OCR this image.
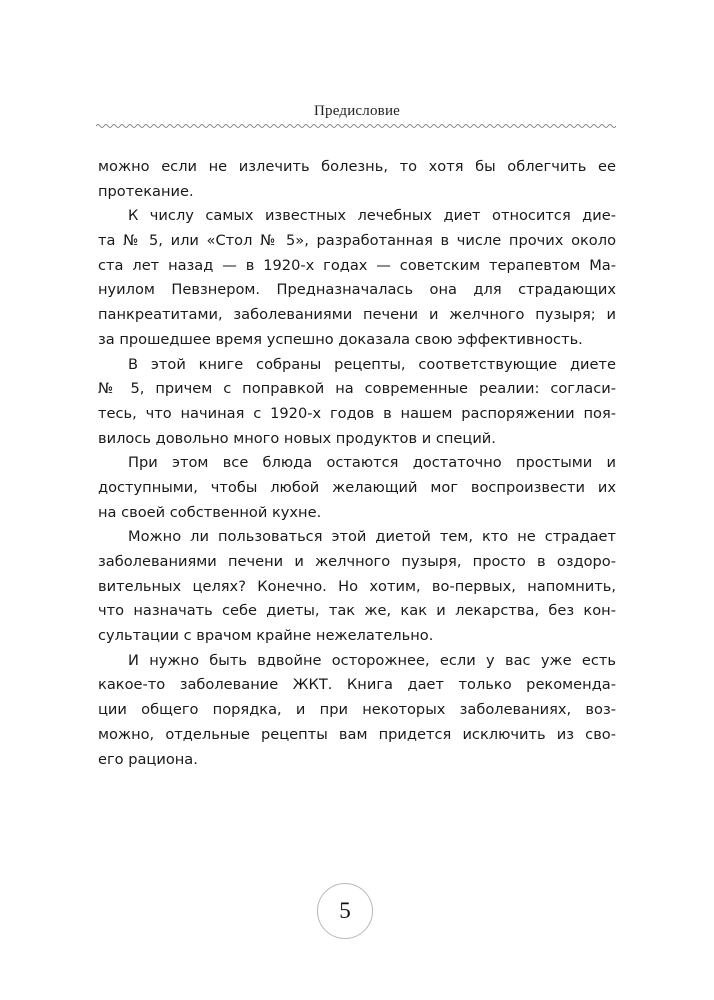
Предисловие
можно если не излечить болезнь, то хотя бы облегчить ее
протекание.
К числу самых известных лечебных диет относится дие-
та № 5, или «Стол № 5», разработанная в числе прочих около
ста лет назад — в 1920-х годах — советским терапевтом Ма-
нуилом Певзнером. Предназначалась она для страдающих
панкреатитами, заболеваниями печени и желчного пузыря; и
за прошедшее время успешно доказала свою эффективность.
В этой книге собраны рецепты, соответствующие диете
№ 5, причем с поправкой на современные реалии: согласи-
тесь, что начиная с 1920-х годов в нашем распоряжении поя-
вилось довольно много новых продуктов и специй.
При этом все блюда остаются достаточно простыми и
доступными, чтобы любой желающий мог воспроизвести их
на своей собственной кухне.
Можно ли пользоваться этой диетой тем, кто не страдает
заболеваниями печени и желчного пузыря, просто в оздоро-
вительных целях? Конечно. Но хотим, во-первых, напомнить,
что назначать себе диеты, так же, как и лекарства, без кон-
сультации с врачом крайне нежелательно.
И нужно быть вдвойне осторожнее, если у вас уже есть
какое-то заболевание ЖКТ. Книга дает только рекоменда-
ции общего порядка, и при некоторых заболеваниях, воз-
можно, отдельные рецепты вам придется исключить из сво-
его рациона.
5
